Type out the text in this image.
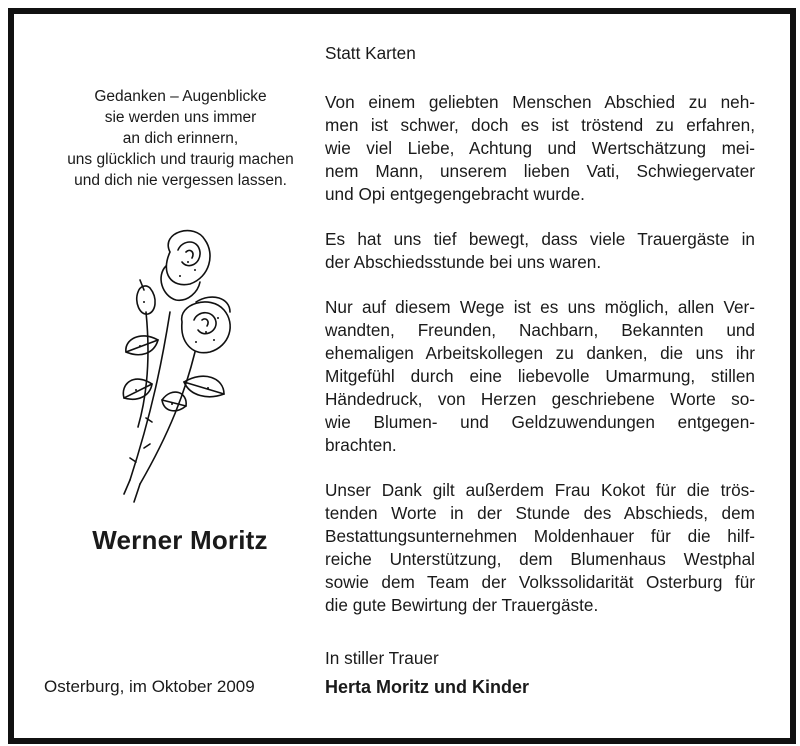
Gedanken – Augenblicke
sie werden uns immer
an dich erinnern,
uns glücklich und traurig machen
und dich nie vergessen lassen.
Werner Moritz
Osterburg, im Oktober 2009

Statt Karten

Von einem geliebten Menschen Abschied zu neh-
men ist schwer, doch es ist tröstend zu erfahren,
wie viel Liebe, Achtung und Wertschätzung mei-
nem Mann, unserem lieben Vati, Schwiegervater
und Opi entgegengebracht wurde.

Es hat uns tief bewegt, dass viele Trauergäste in
der Abschiedsstunde bei uns waren.

Nur auf diesem Wege ist es uns möglich, allen Ver-
wandten, Freunden, Nachbarn, Bekannten und
ehemaligen Arbeitskollegen zu danken, die uns ihr
Mitgefühl durch eine liebevolle Umarmung, stillen
Händedruck, von Herzen geschriebene Worte so-
wie Blumen- und Geldzuwendungen entgegen-
brachten.

Unser Dank gilt außerdem Frau Kokot für die trös-
tenden Worte in der Stunde des Abschieds, dem
Bestattungsunternehmen Moldenhauer für die hilf-
reiche Unterstützung, dem Blumenhaus Westphal
sowie dem Team der Volkssolidarität Osterburg für
die gute Bewirtung der Trauergäste.

In stiller Trauer
Herta Moritz und Kinder
